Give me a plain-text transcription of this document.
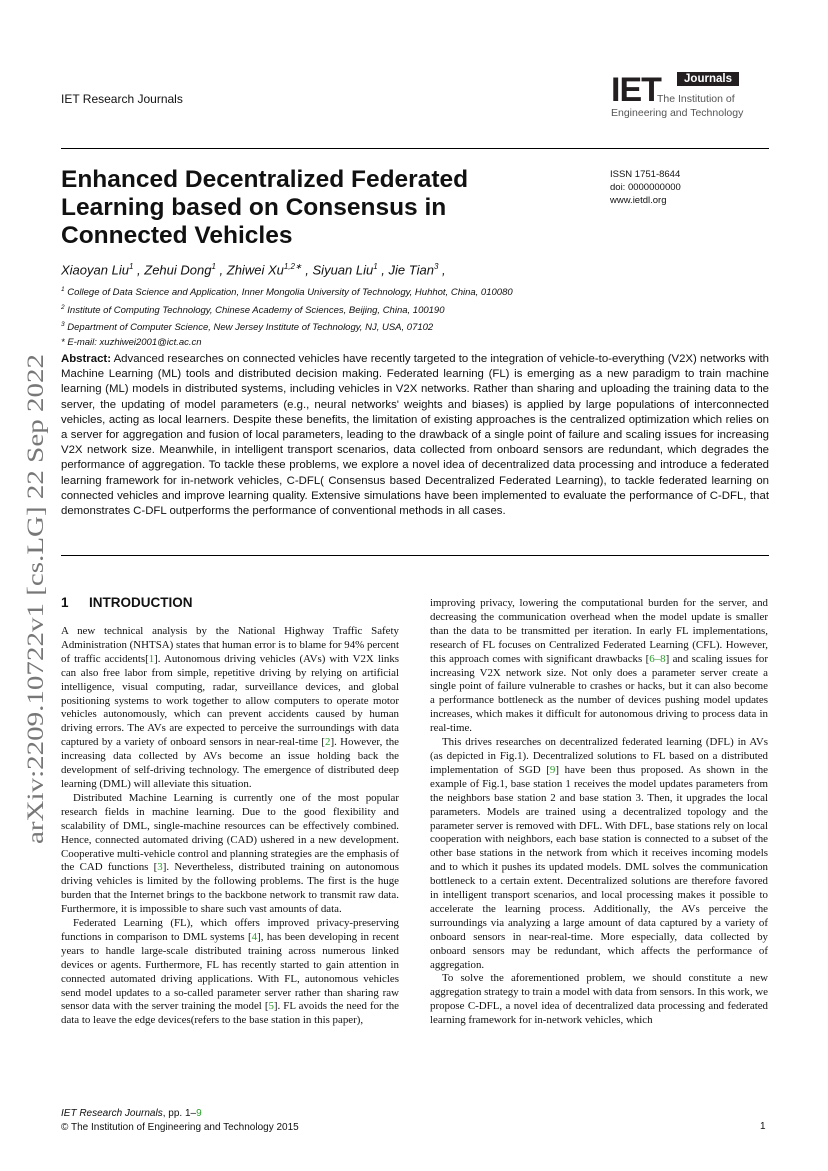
arXiv:2209.10722v1 [cs.LG] 22 Sep 2022
IET Research Journals	IET	Journals
The Institution of
Engineering and Technology
Enhanced Decentralized Federated Learning based on Consensus in Connected Vehicles
ISSN 1751-8644
doi: 0000000000
www.ietdl.org
Xiaoyan Liu$^1$ , Zehui Dong$^1$ , Zhiwei $Xu^{1,2∗}$ , Siyuan Liu$^1$ , Jie Tian$^3$ ,
$^1$ College of Data Science and Application, Inner Mongolia University of Technology, Huhhot, China, 010080
$^2$ Institute of Computing Technology, Chinese Academy of Sciences, Beijing, China, 100190
$^3$ Department of Computer Science, New Jersey Institute of Technology, NJ, USA, 07102
* E-mail: xuzhiwei2001@ict.ac.cn
Abstract: Advanced researches on connected vehicles have recently targeted to the integration of vehicle-to-everything (V2X) networks with Machine Learning (ML) tools and distributed decision making. Federated learning (FL) is emerging as a new paradigm to train machine learning (ML) models in distributed systems, including vehicles in V2X networks. Rather than sharing and uploading the training data to the server, the updating of model parameters (e.g., neural networks' weights and biases) is applied by large populations of interconnected vehicles, acting as local learners. Despite these benefits, the limitation of existing approaches is the centralized optimization which relies on a server for aggregation and fusion of local parameters, leading to the drawback of a single point of failure and scaling issues for increasing V2X network size. Meanwhile, in intelligent transport scenarios, data collected from onboard sensors are redundant, which degrades the performance of aggregation. To tackle these problems, we explore a novel idea of decentralized data processing and introduce a federated learning framework for in-network vehicles, C-DFL( Consensus based Decentralized Federated Learning), to tackle federated learning on connected vehicles and improve learning quality. Extensive simulations have been implemented to evaluate the performance of C-DFL, that demonstrates C-DFL outperforms the performance of conventional methods in all cases.
1 INTRODUCTION

A new technical analysis by the National Highway Traffic Safety Administration (NHTSA) states that human error is to blame for 94% percent of traffic accidents[1]. Autonomous driving vehicles (AVs) with V2X links can also free labor from simple, repetitive driving by relying on artificial intelligence, visual computing, radar, surveillance devices, and global positioning systems to work together to allow computers to operate motor vehicles autonomously, which can prevent accidents caused by human driving errors. The AVs are expected to perceive the surroundings with data captured by a variety of onboard sensors in near-real-time [2]. However, the increasing data collected by AVs become an issue holding back the development of self-driving technology. The emergence of distributed deep learning (DML) will alleviate this situation.

Distributed Machine Learning is currently one of the most popular research fields in machine learning. Due to the good flexibility and scalability of DML, single-machine resources can be effectively combined. Hence, connected automated driving (CAD) ushered in a new development. Cooperative multi-vehicle control and planning strategies are the emphasis of the CAD functions [3]. Nevertheless, distributed training on autonomous driving vehicles is limited by the following problems. The first is the huge burden that the Internet brings to the backbone network to transmit raw data. Furthermore, it is impossible to share such vast amounts of data.

Federated Learning (FL), which offers improved privacy-preserving functions in comparison to DML systems [4], has been developing in recent years to handle large-scale distributed training across numerous linked devices or agents. Furthermore, FL has recently started to gain attention in connected automated driving applications. With FL, autonomous vehicles send model updates to a so-called parameter server rather than sharing raw sensor data with the server training the model [5]. FL avoids the need for the data to leave the edge devices(refers to the base station in this paper),

improving privacy, lowering the computational burden for the server, and decreasing the communication overhead when the model update is smaller than the data to be transmitted per iteration. In early FL implementations, research of FL focuses on Centralized Federated Learning (CFL). However, this approach comes with significant drawbacks [6–8] and scaling issues for increasing V2X network size. Not only does a parameter server create a single point of failure vulnerable to crashes or hacks, but it can also become a performance bottleneck as the number of devices pushing model updates increases, which makes it difficult for autonomous driving to process data in real-time.

This drives researches on decentralized federated learning (DFL) in AVs (as depicted in Fig.1). Decentralized solutions to FL based on a distributed implementation of SGD [9] have been thus proposed. As shown in the example of Fig.1, base station 1 receives the model updates parameters from the neighbors base station 2 and base station 3. Then, it upgrades the local parameters. Models are trained using a decentralized topology and the parameter server is removed with DFL. With DFL, base stations rely on local cooperation with neighbors, each base station is connected to a subset of the other base stations in the network from which it receives incoming models and to which it pushes its updated models. DML solves the communication bottleneck to a certain extent. Decentralized solutions are therefore favored in intelligent transport scenarios, and local processing makes it possible to accelerate the learning process. Additionally, the AVs perceive the surroundings via analyzing a large amount of data captured by a variety of onboard sensors in near-real-time. More especially, data collected by onboard sensors may be redundant, which affects the performance of aggregation.

To solve the aforementioned problem, we should constitute a new aggregation strategy to train a model with data from sensors. In this work, we propose C-DFL, a novel idea of decentralized data processing and federated learning framework for in-network vehicles, which

IET Research Journals, pp. 1–9
© The Institution of Engineering and Technology 2015	1
